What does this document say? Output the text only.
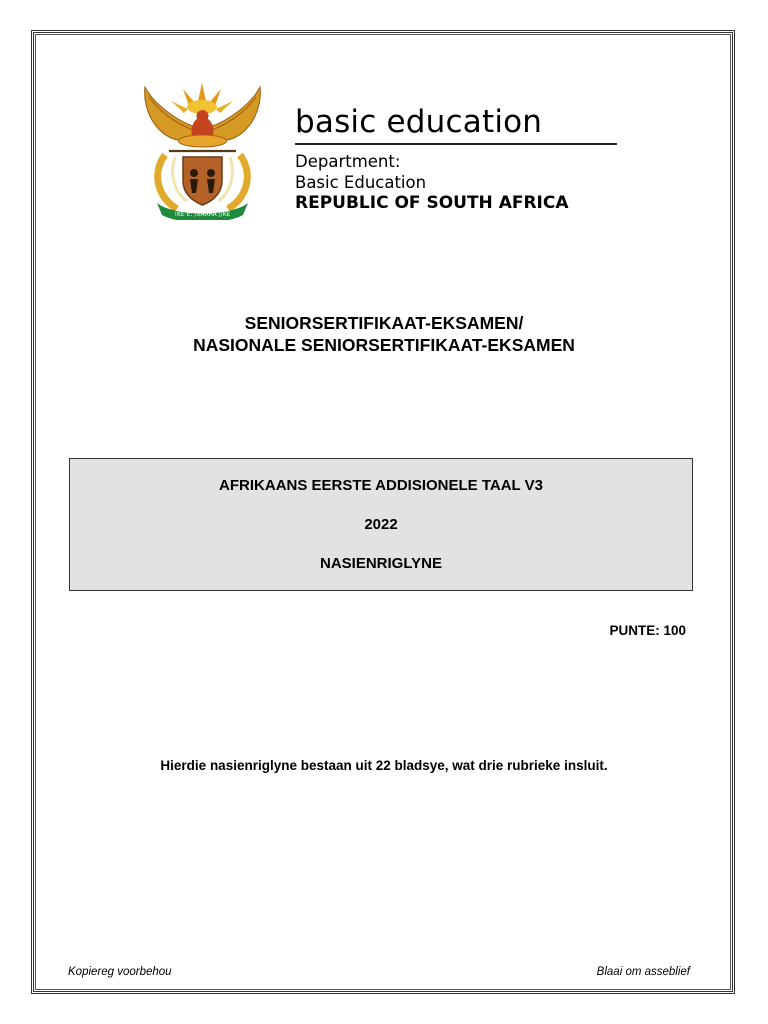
!KE E: /XARRA //KE
basic education
Department:
Basic Education
REPUBLIC OF SOUTH AFRICA
SENIORSERTIFIKAAT-EKSAMEN/
NASIONALE SENIORSERTIFIKAAT-EKSAMEN
AFRIKAANS EERSTE ADDISIONELE TAAL V3
2022
NASIENRIGLYNE
PUNTE: 100
Hierdie nasienriglyne bestaan uit 22 bladsye, wat drie rubrieke insluit.
Kopiereg voorbehou	Blaai om asseblief
